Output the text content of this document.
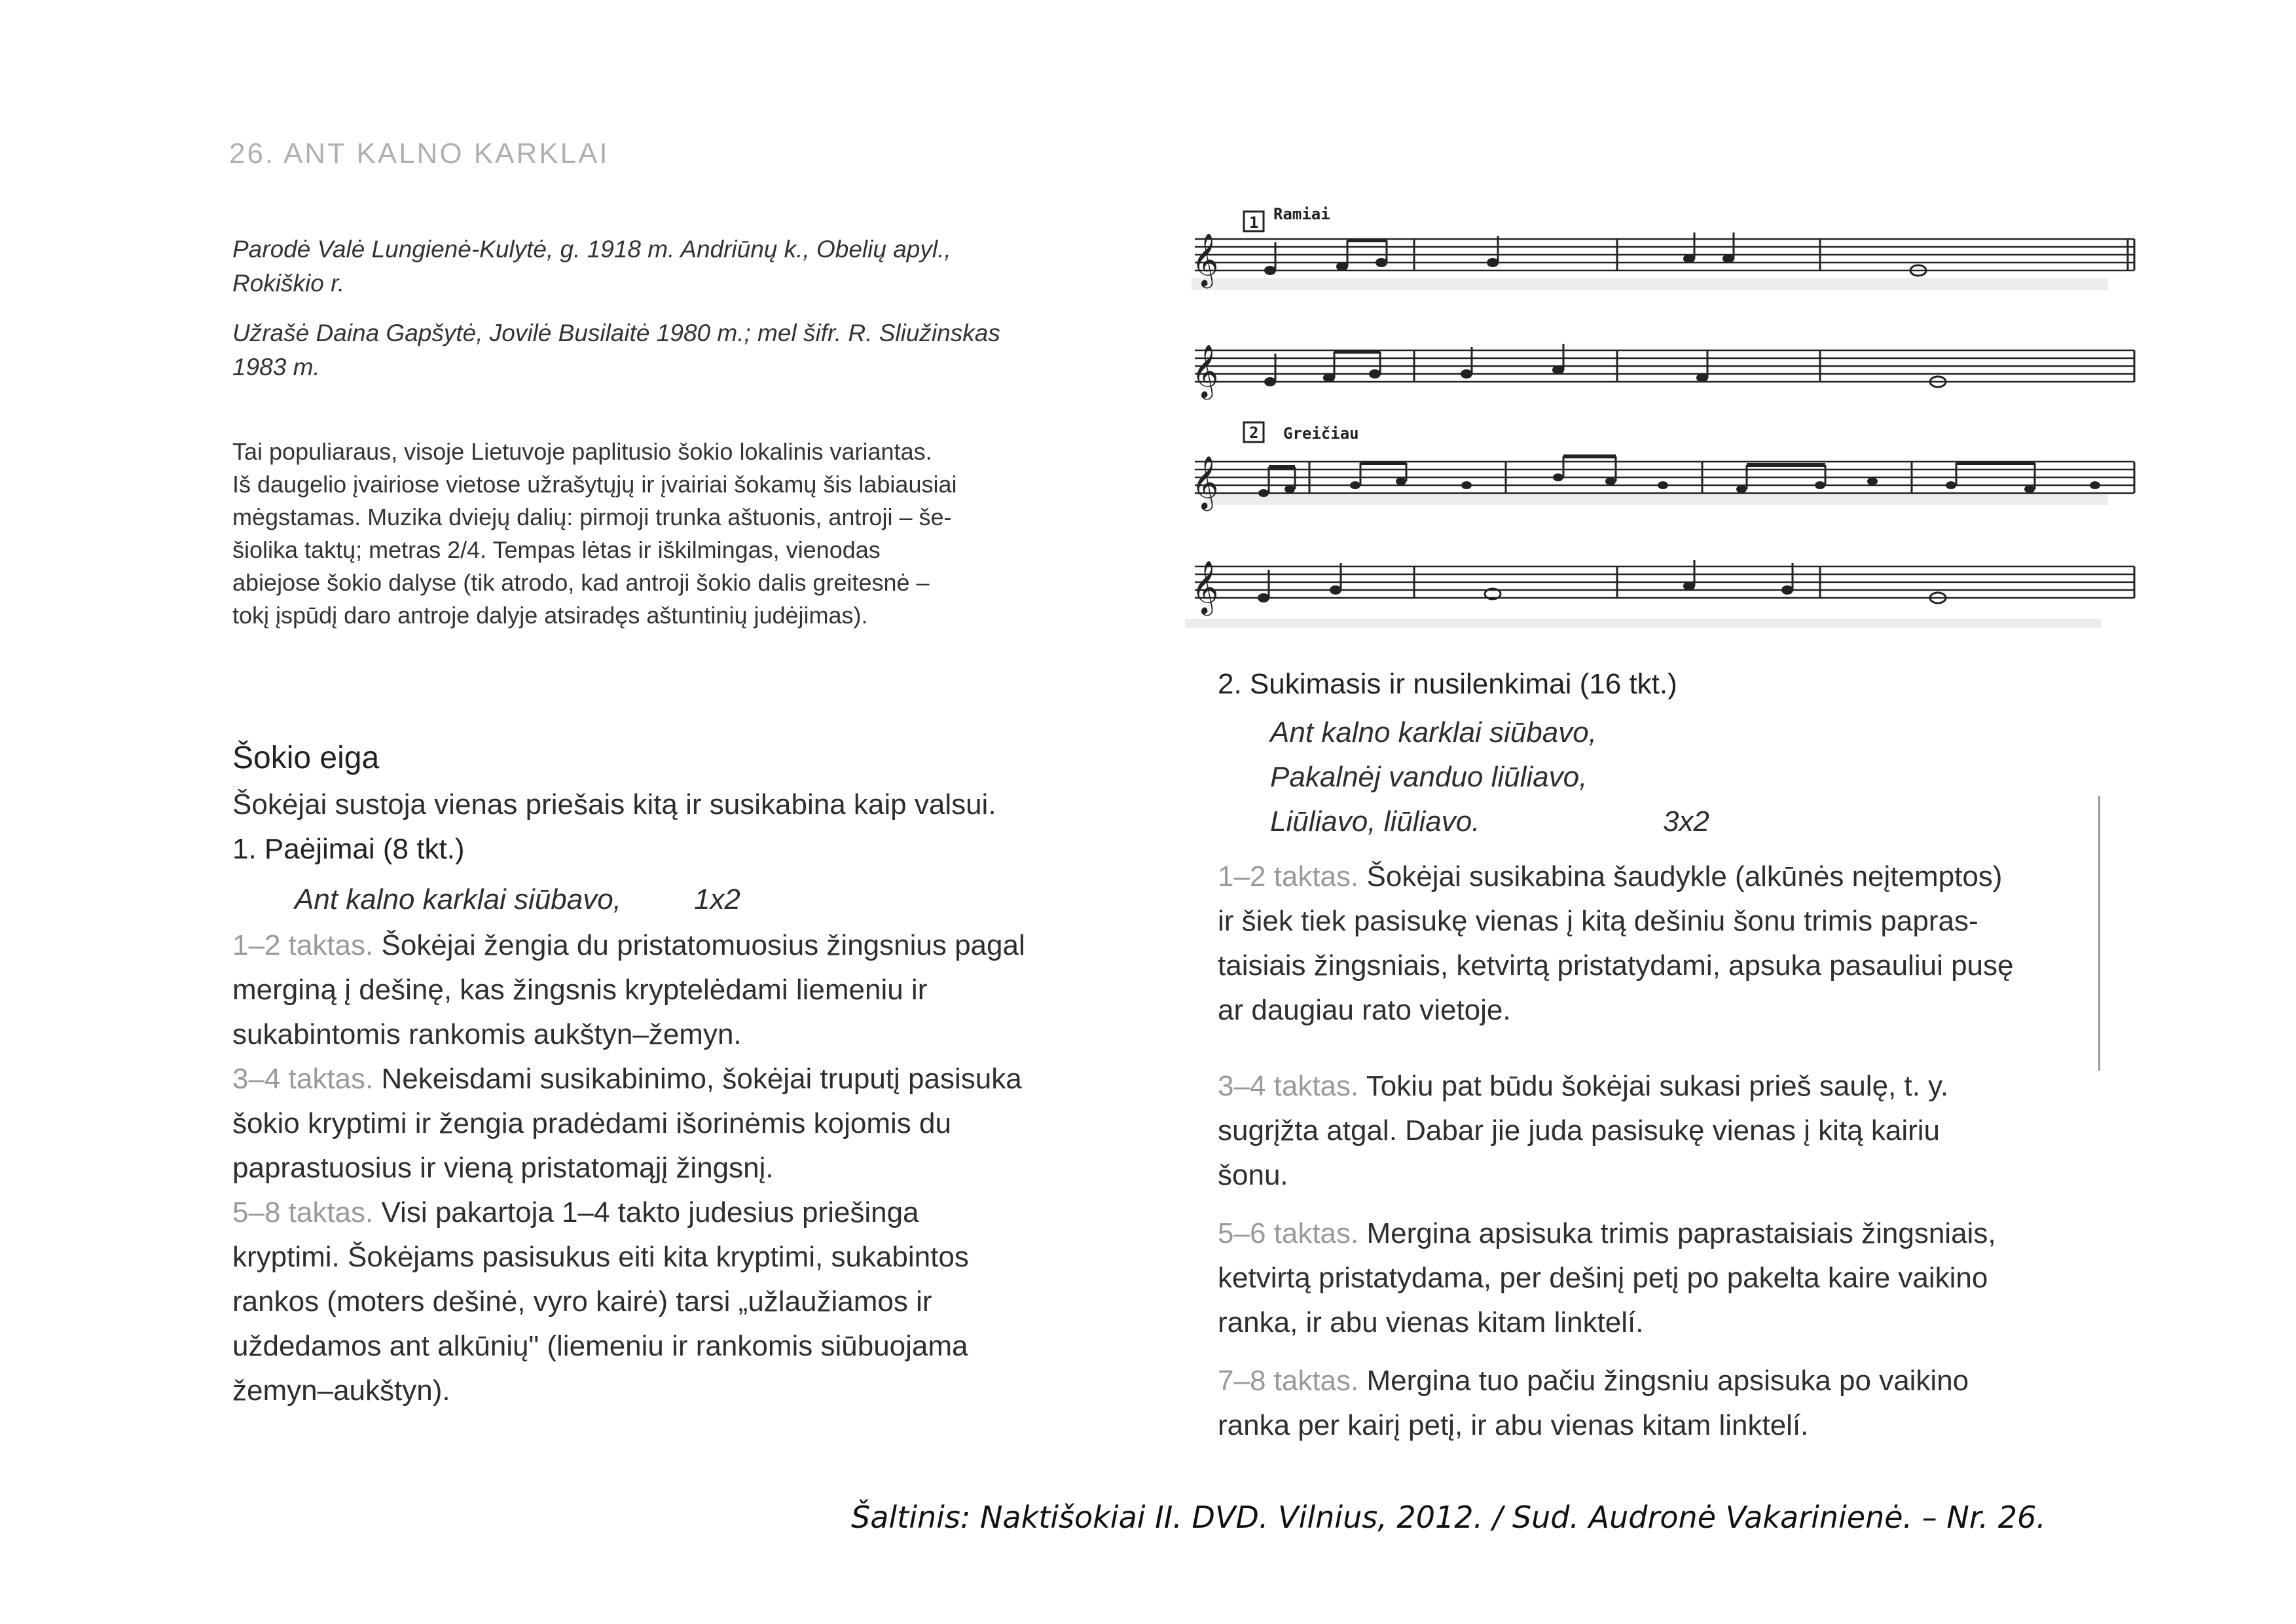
26. ANT KALNO KARKLAI
Parodė Valė Lungienė-Kulytė, g. 1918 m. Andriūnų k., Obelių apyl.,
Rokiškio r.
Užrašė Daina Gapšytė, Jovilė Busilaitė 1980 m.; mel šifr. R. Sliužinskas
1983 m.
Tai populiaraus, visoje Lietuvoje paplitusio šokio lokalinis variantas.
Iš daugelio įvairiose vietose užrašytųjų ir įvairiai šokamų šis labiausiai
mėgstamas. Muzika dviejų dalių: pirmoji trunka aštuonis, antroji – še-
šiolika taktų; metras 2/4. Tempas lėtas ir iškilmingas, vienodas
abiejose šokio dalyse (tik atrodo, kad antroji šokio dalis greitesnė –
tokį įspūdį daro antroje dalyje atsiradęs aštuntinių judėjimas).
Šokio eiga
Šokėjai sustoja vienas priešais kitą ir susikabina kaip valsui.
1. Paėjimai (8 tkt.)
Ant kalno karklai siūbavo,	1x2
1–2 taktas. Šokėjai žengia du pristatomuosius žingsnius pagal
merginą į dešinę, kas žingsnis kryptelėdami liemeniu ir
sukabintomis rankomis aukštyn–žemyn.
3–4 taktas. Nekeisdami susikabinimo, šokėjai truputį pasisuka
šokio kryptimi ir žengia pradėdami išorinėmis kojomis du
paprastuosius ir vieną pristatomąjį žingsnį.
5–8 taktas. Visi pakartoja 1–4 takto judesius priešinga
kryptimi. Šokėjams pasisukus eiti kita kryptimi, sukabintos
rankos (moters dešinė, vyro kairė) tarsi „užlaužiamos ir
uždedamos ant alkūnių" (liemeniu ir rankomis siūbuojama
žemyn–aukštyn).
1 Ramiai
2 Greičiau
𝄞
𝄞
𝄞
𝄞
2. Sukimasis ir nusilenkimai (16 tkt.)
Ant kalno karklai siūbavo,
Pakalnėj vanduo liūliavo,
Liūliavo, liūliavo.	3x2
1–2 taktas. Šokėjai susikabina šaudykle (alkūnės neįtemptos)
ir šiek tiek pasisukę vienas į kitą dešiniu šonu trimis papras-
taisiais žingsniais, ketvirtą pristatydami, apsuka pasauliui pusę
ar daugiau rato vietoje.
3–4 taktas. Tokiu pat būdu šokėjai sukasi prieš saulę, t. y.
sugrįžta atgal. Dabar jie juda pasisukę vienas į kitą kairiu
šonu.
5–6 taktas. Mergina apsisuka trimis paprastaisiais žingsniais,
ketvirtą pristatydama, per dešinį petį po pakelta kaire vaikino
ranka, ir abu vienas kitam linktelí.
7–8 taktas. Mergina tuo pačiu žingsniu apsisuka po vaikino
ranka per kairį petį, ir abu vienas kitam linktelí.
Šaltinis: Naktišokiai II. DVD. Vilnius, 2012. / Sud. Audronė Vakarinienė. – Nr. 26.
